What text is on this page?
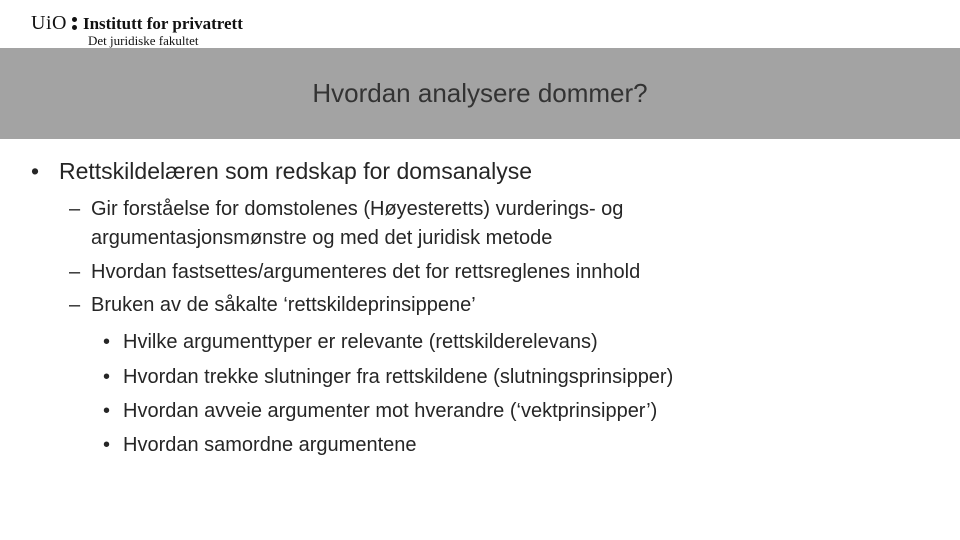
UiO Institutt for privatrett
Det juridiske fakultet
Hvordan analysere dommer?
• Rettskildelæren som redskap for domsanalyse
– Gir forståelse for domstolenes (Høyesteretts) vurderings- og
argumentasjonsmønstre og med det juridisk metode
– Hvordan fastsettes/argumenteres det for rettsreglenes innhold
– Bruken av de såkalte ‘rettskildeprinsippene’
• Hvilke argumenttyper er relevante (rettskilderelevans)
• Hvordan trekke slutninger fra rettskildene (slutningsprinsipper)
• Hvordan avveie argumenter mot hverandre (‘vektprinsipper’)
• Hvordan samordne argumentene
